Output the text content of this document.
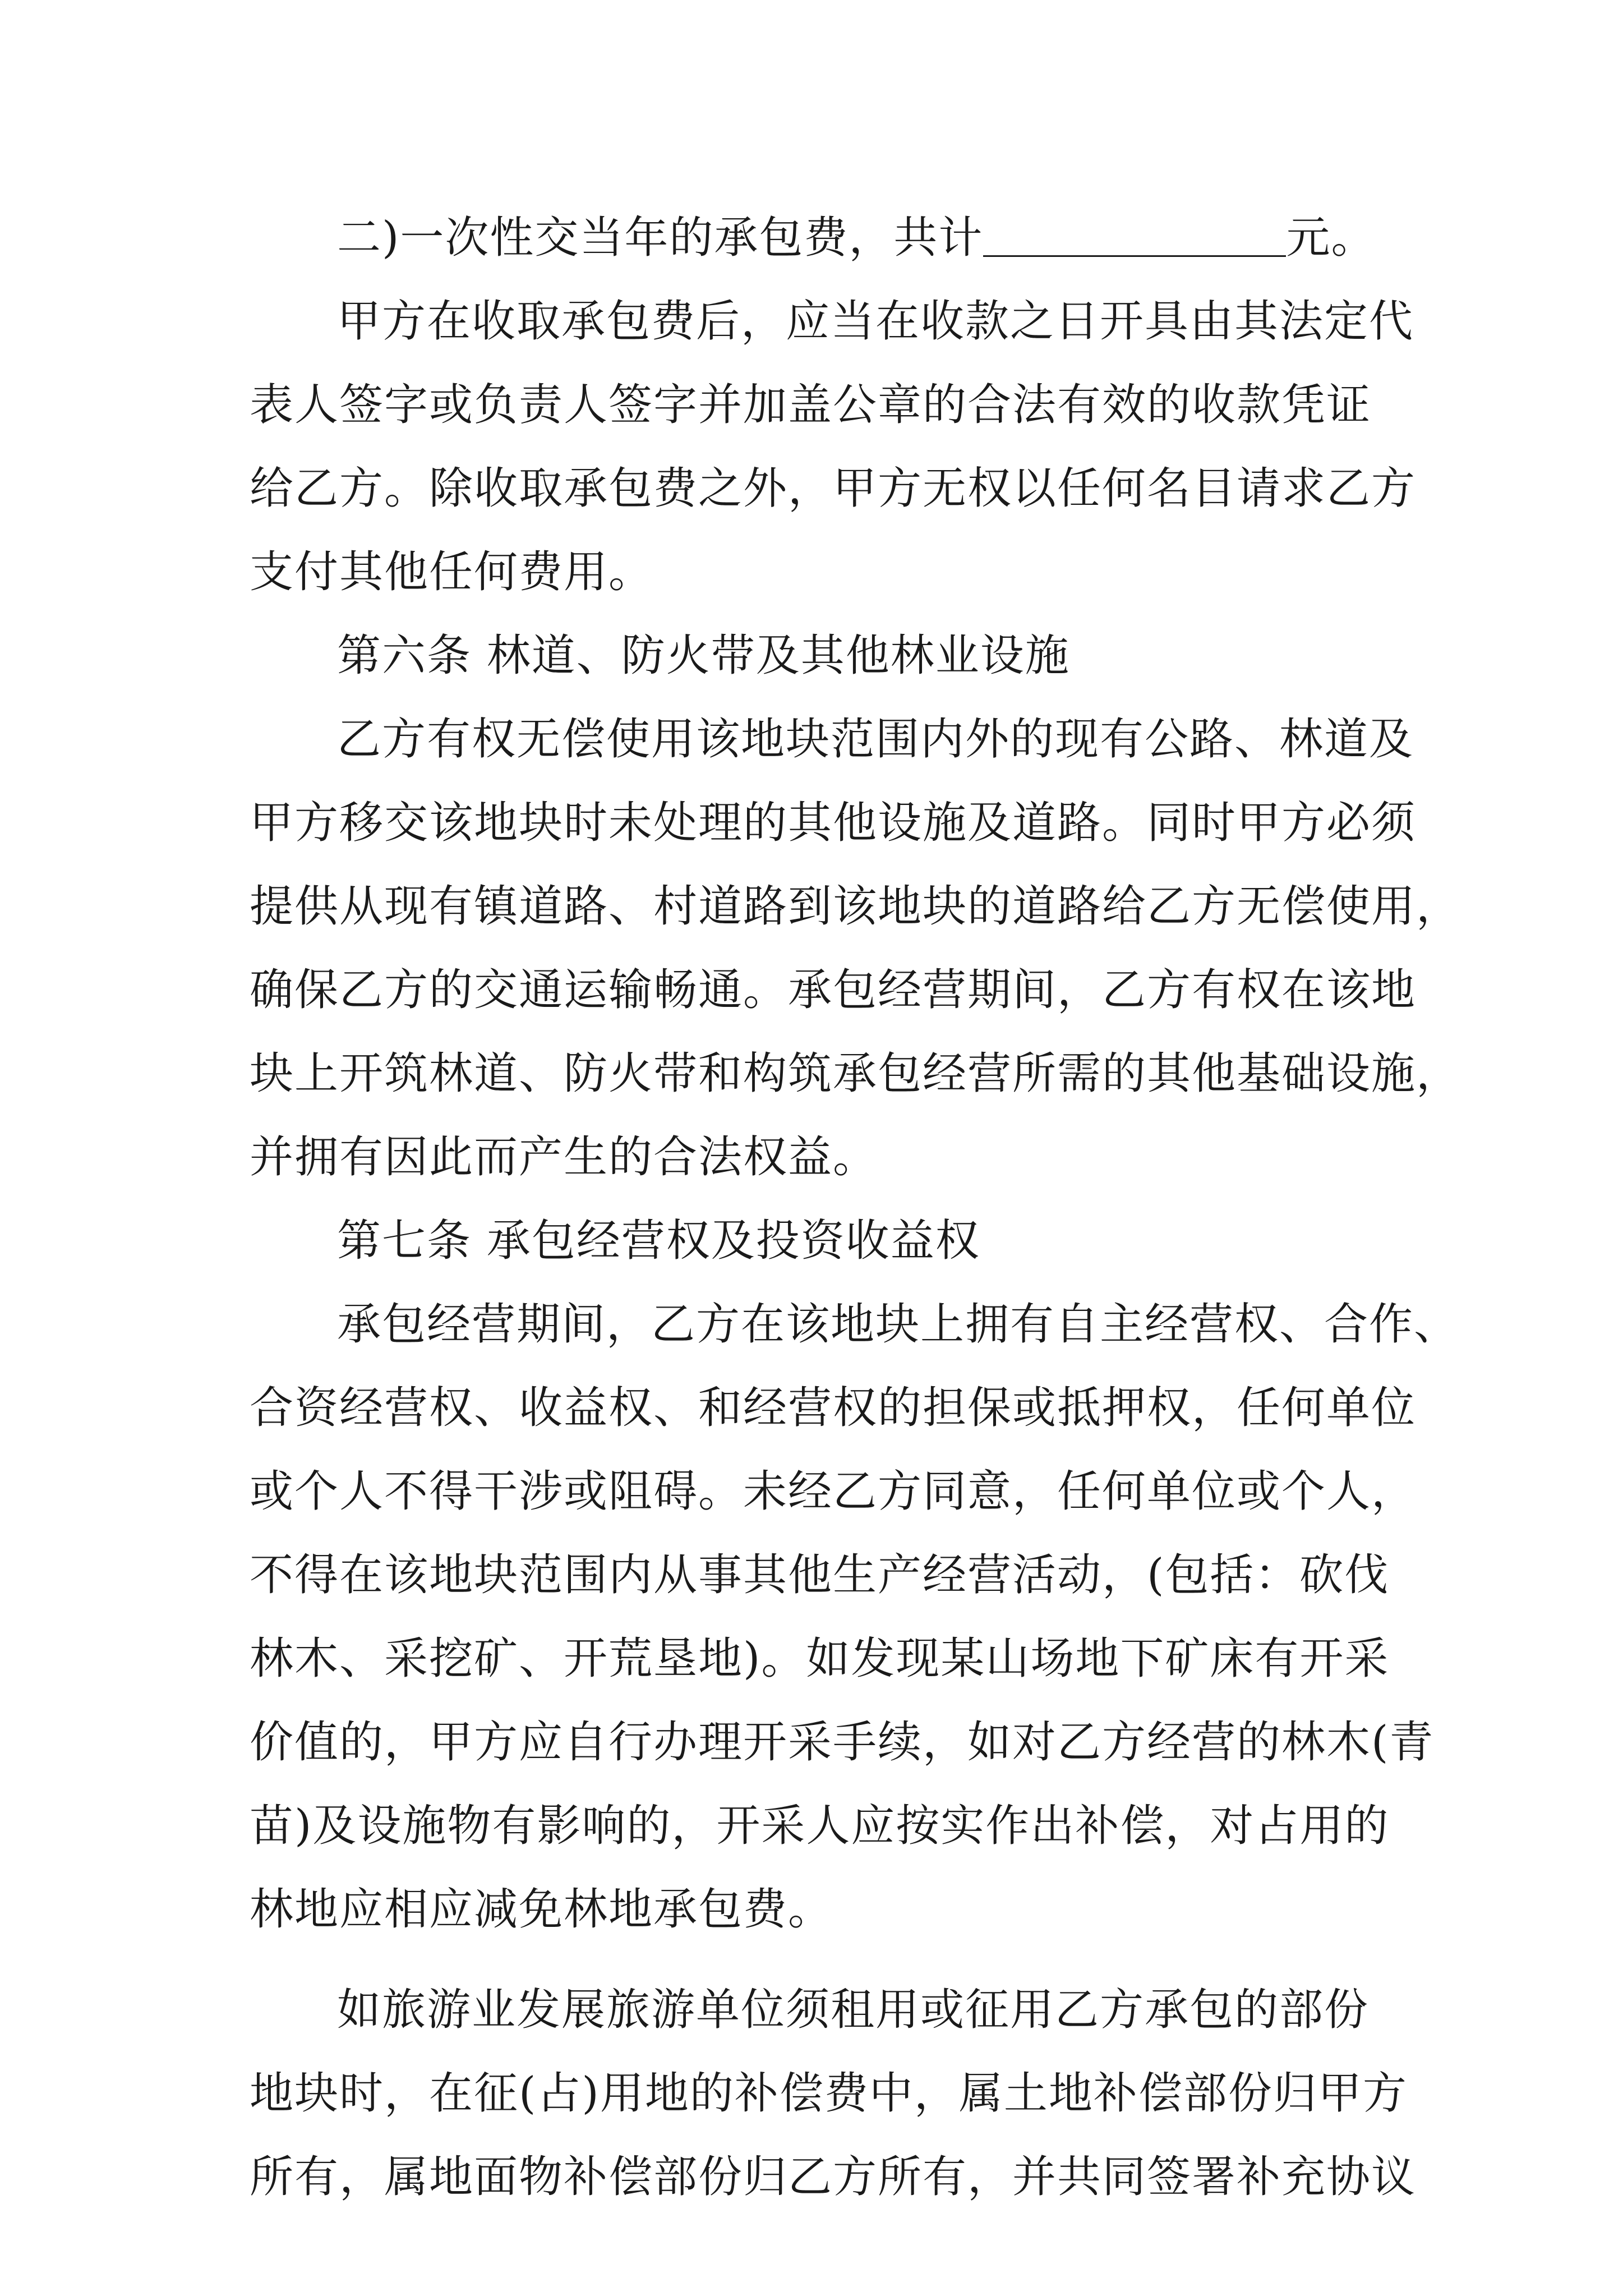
二)一次性交当年的承包费，共计	元。
甲方在收取承包费后，应当在收款之日开具由其法定代
表人签字或负责人签字并加盖公章的合法有效的收款凭证
给乙方。除收取承包费之外，甲方无权以任何名目请求乙方
支付其他任何费用。
第六条 林道、防火带及其他林业设施
乙方有权无偿使用该地块范围内外的现有公路、林道及
甲方移交该地块时未处理的其他设施及道路。同时甲方必须
提供从现有镇道路、村道路到该地块的道路给乙方无偿使用，
确保乙方的交通运输畅通。承包经营期间，乙方有权在该地
块上开筑林道、防火带和构筑承包经营所需的其他基础设施，
并拥有因此而产生的合法权益。
第七条 承包经营权及投资收益权
承包经营期间，乙方在该地块上拥有自主经营权、合作、
合资经营权、收益权、和经营权的担保或抵押权，任何单位
或个人不得干涉或阻碍。未经乙方同意，任何单位或个人，
不得在该地块范围内从事其他生产经营活动，(包括：砍伐
林木、采挖矿、开荒垦地)。如发现某山场地下矿床有开采
价值的，甲方应自行办理开采手续，如对乙方经营的林木(青
苗)及设施物有影响的，开采人应按实作出补偿，对占用的
林地应相应减免林地承包费。
如旅游业发展旅游单位须租用或征用乙方承包的部份
地块时，在征(占)用地的补偿费中，属土地补偿部份归甲方
所有，属地面物补偿部份归乙方所有，并共同签署补充协议
